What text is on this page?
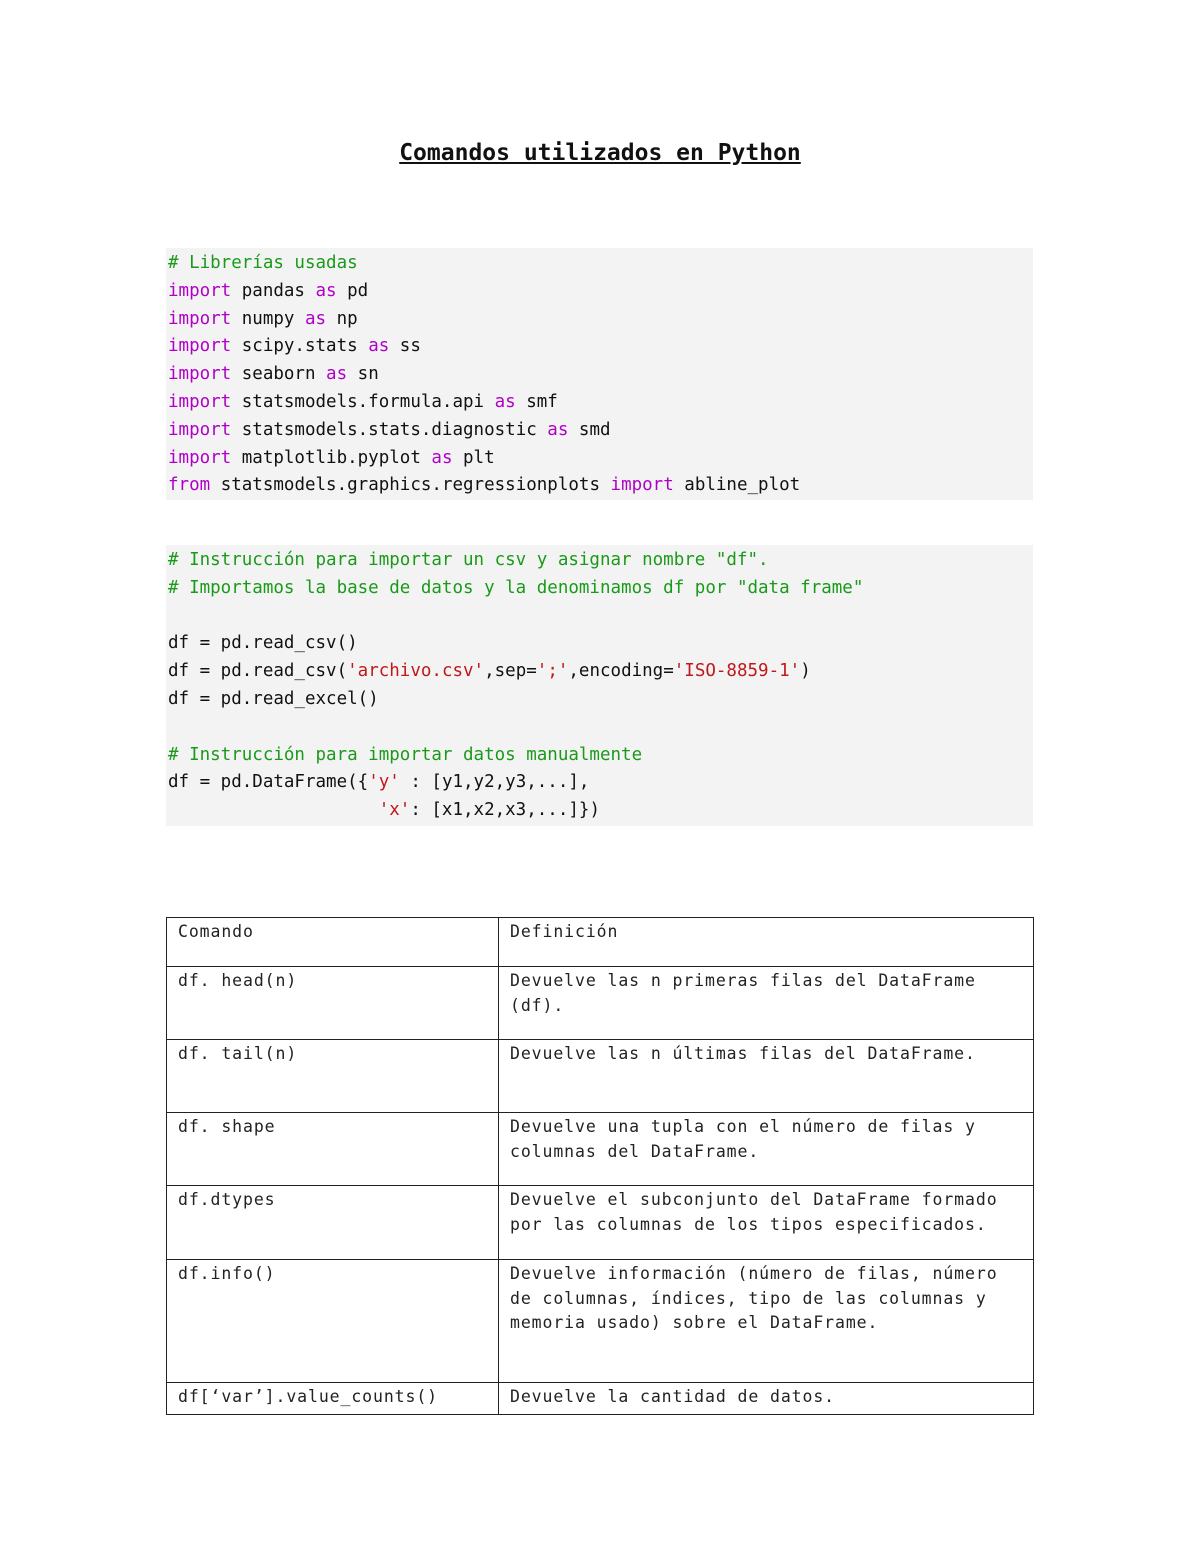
Comandos utilizados en Python
# Librerías usadas
import pandas as pd
import numpy as np
import scipy.stats as ss
import seaborn as sn
import statsmodels.formula.api as smf
import statsmodels.stats.diagnostic as smd
import matplotlib.pyplot as plt
from statsmodels.graphics.regressionplots import abline_plot
# Instrucción para importar un csv y asignar nombre "df".
# Importamos la base de datos y la denominamos df por "data frame"
df = pd.read_csv()
df = pd.read_csv('archivo.csv',sep=';',encoding='ISO-8859-1')
df = pd.read_excel()
# Instrucción para importar datos manualmente
df = pd.DataFrame({'y' : [y1,y2,y3,...],
'x': [x1,x2,x3,...]})
Comando	Definición
df. head(n)	Devuelve las n primeras filas del DataFrame (df).
df. tail(n)	Devuelve las n últimas filas del DataFrame.
df. shape	Devuelve una tupla con el número de filas y columnas del DataFrame.
df.dtypes	Devuelve el subconjunto del DataFrame formado por las columnas de los tipos especificados.
df.info()	Devuelve información (número de filas, número de columnas, índices, tipo de las columnas y memoria usado) sobre el DataFrame.
df[‘var’].value_counts()	Devuelve la cantidad de datos.
